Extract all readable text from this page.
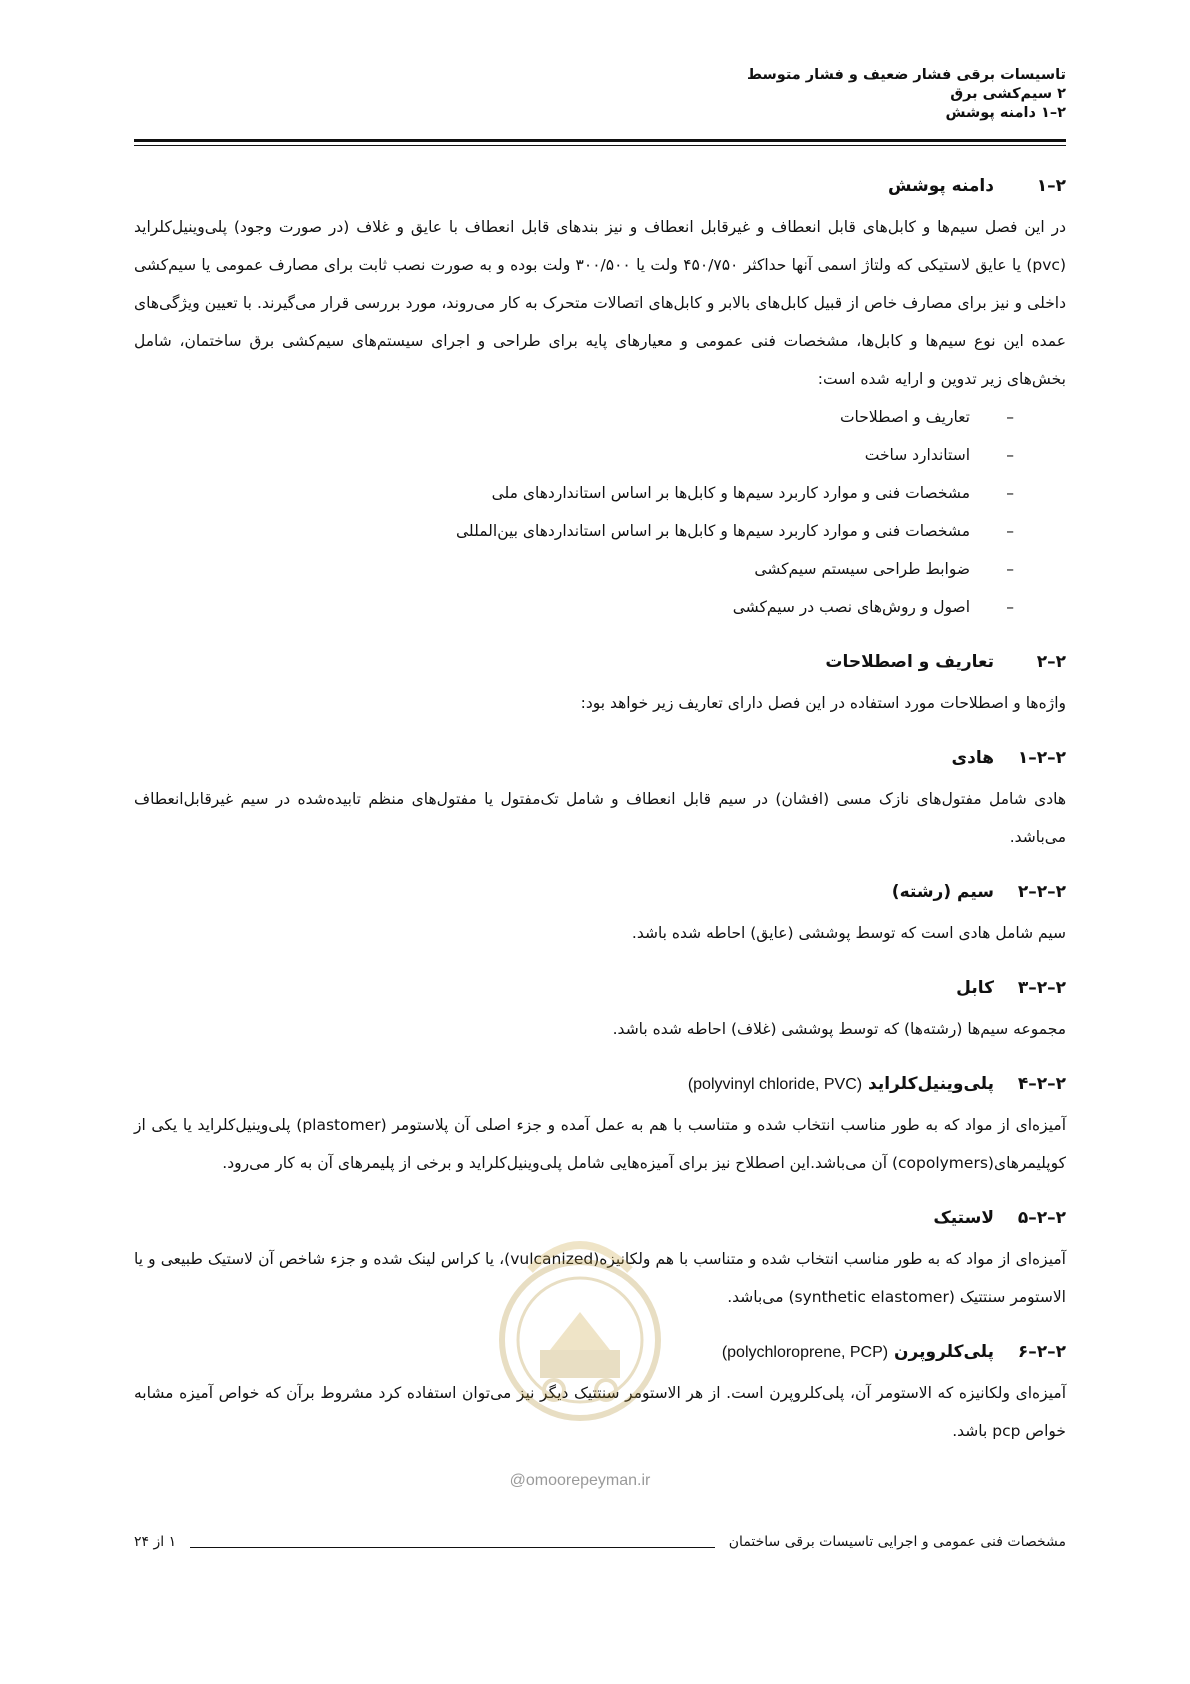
تاسیسات برقی فشار ضعیف و فشار متوسط
۲ سیم‌کشی برق
۲–۱ دامنه پوشش
۲–۱
دامنه پوشش
در این فصل سیم‌ها و کابل‌های قابل انعطاف و غیرقابل انعطاف و نیز بندهای قابل انعطاف با عایق و غلاف (در صورت وجود) پلی‌وینیل‌کلراید (pvc) یا عایق لاستیکی که ولتاژ اسمی آنها حداکثر ۴۵۰/۷۵۰ ولت یا ۳۰۰/۵۰۰ ولت بوده و به صورت نصب ثابت برای مصارف عمومی یا سیم‌کشی داخلی و نیز برای مصارف خاص از قبیل کابل‌های بالابر و کابل‌های اتصالات متحرک به کار می‌روند، مورد بررسی قرار می‌گیرند. با تعیین ویژگی‌های عمده این نوع سیم‌ها و کابل‌ها، مشخصات فنی عمومی و معیارهای پایه برای طراحی و اجرای سیستم‌های سیم‌کشی برق ساختمان، شامل بخش‌های زیر تدوین و ارایه شده است:
–
تعاریف و اصطلاحات
–
استاندارد ساخت
–
مشخصات فنی و موارد کاربرد سیم‌ها و کابل‌ها بر اساس استانداردهای ملی
–
مشخصات فنی و موارد کاربرد سیم‌ها و کابل‌ها بر اساس استانداردهای بین‌المللی
–
ضوابط طراحی سیستم سیم‌کشی
–
اصول و روش‌های نصب در سیم‌کشی
۲–۲
تعاریف و اصطلاحات
واژه‌ها و اصطلاحات مورد استفاده در این فصل دارای تعاریف زیر خواهد بود:
۲–۲–۱
هادی
هادی شامل مفتول‌های نازک مسی (افشان) در سیم قابل انعطاف و شامل تک‌مفتول یا مفتول‌های منظم تابیده‌شده در سیم غیرقابل‌انعطاف می‌باشد.
۲–۲–۲
سیم (رشته)
سیم شامل هادی است که توسط پوششی (عایق) احاطه شده باشد.
۲–۲–۳
کابل
مجموعه سیم‌ها (رشته‌ها) که توسط پوششی (غلاف) احاطه شده باشد.
۲–۲–۴
پلی‌وینیل‌کلراید (polyvinyl chloride, PVC)
آمیزه‌ای از مواد که به طور مناسب انتخاب شده و متناسب با هم به عمل آمده و جزء اصلی آن پلاستومر (plastomer) پلی‌وینیل‌کلراید یا یکی از کوپلیمرهای(copolymers) آن می‌باشد.این اصطلاح نیز برای آمیزه‌هایی شامل پلی‌وینیل‌کلراید و برخی از پلیمرهای آن به کار می‌رود.
۲–۲–۵
لاستیک
آمیزه‌ای از مواد که به طور مناسب انتخاب شده و متناسب با هم ولکانیزه(vulcanized)، یا کراس لینک شده و جزء شاخص آن لاستیک طبیعی و یا الاستومر سنتتیک (synthetic elastomer) می‌باشد.
۲–۲–۶
پلی‌کلروپرن (polychloroprene, PCP)
آمیزه‌ای ولکانیزه که الاستومر آن، پلی‌کلروپرن است. از هر الاستومر سنتتیک دیگر نیز می‌توان استفاده کرد مشروط برآن که خواص آمیزه مشابه خواص pcp باشد.
@omoorepeyman.ir
مشخصات فنی عمومی و اجرایی تاسیسات برقی ساختمان
۱ از ۲۴
